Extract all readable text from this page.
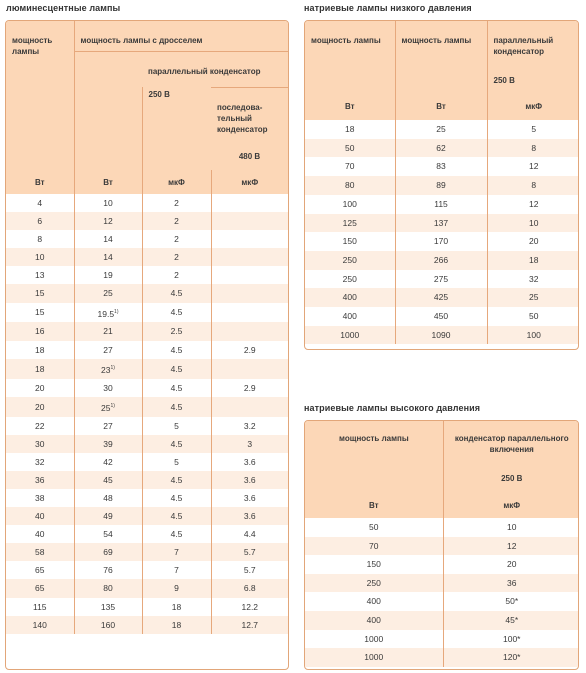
люминесцентные лампы
мощность лампы	мощность лампы с дросселем		
		параллельный конденсатор	
		250 В	последова-тельный конденсатор
480 В

Вт	Вт	мкФ	мкФ
4	10	2	
6	12	2	
8	14	2	
10	14	2	
13	19	2	
15	25	4.5	
15	19.5$^{1)}$	4.5	
16	21	2.5	
18	27	4.5	2.9
18	23$^{1)}$	4.5	
20	30	4.5	2.9
20	25$^{1)}$	4.5	
22	27	5	3.2
30	39	4.5	3
32	42	5	3.6
36	45	4.5	3.6
38	48	4.5	3.6
40	49	4.5	3.6
40	54	4.5	4.4
58	69	7	5.7
65	76	7	5.7
65	80	9	6.8
115	135	18	12.2
140	160	18	12.7
натриевые лампы низкого давления
мощность лампы	мощность лампы	параллельный конденсатор
250 В

Вт	Вт	мкФ
18	25	5
50	62	8
70	83	12
80	89	8
100	115	12
125	137	10
150	170	20
250	266	18
250	275	32
400	425	25
400	450	50
1000	1090	100
натриевые лампы высокого давления
мощность лампы	конденсатор параллельного включения
250 В

Вт	мкФ
50	10
70	12
150	20
250	36
400	50*
400	45*
1000	100*
1000	120*
